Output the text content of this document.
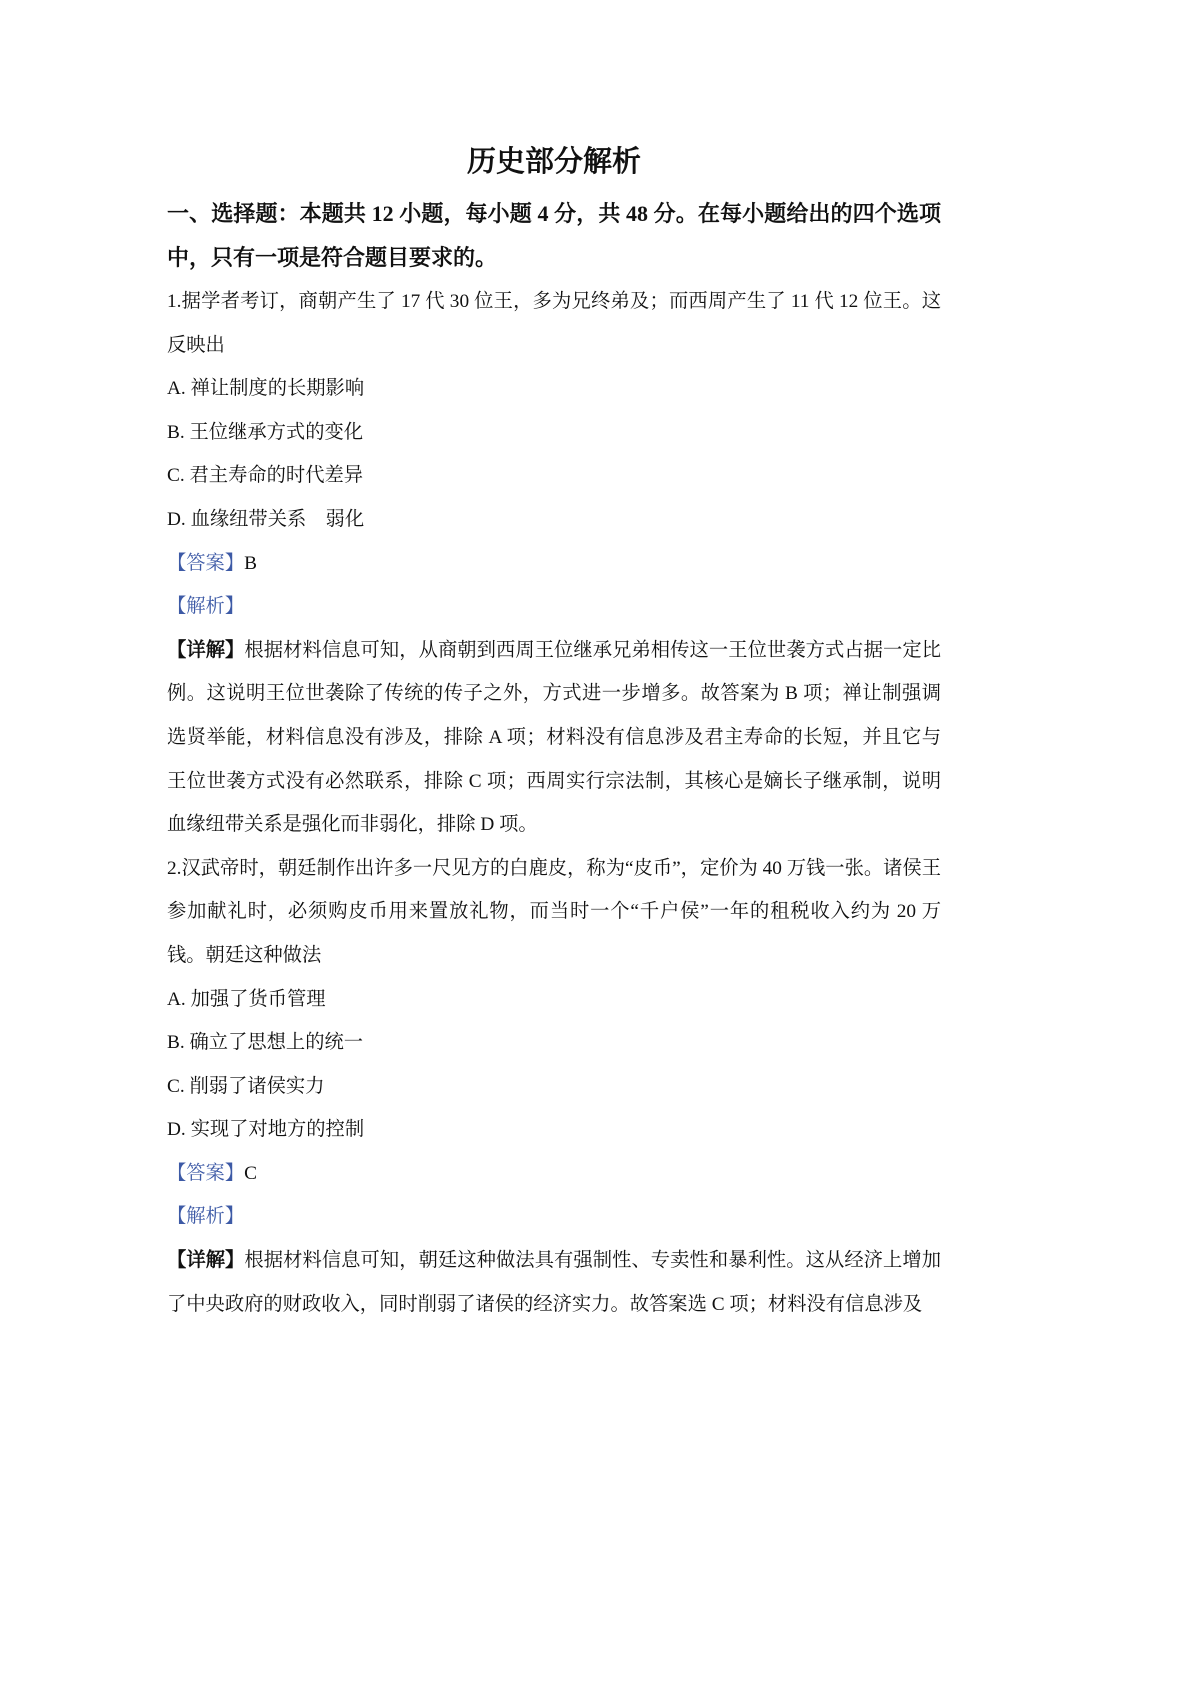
历史部分解析
一、选择题：本题共 12 小题，每小题 4 分，共 48 分。在每小题给出的四个选项中，只有一项是符合题目要求的。

1.据学者考订，商朝产生了 17 代 30 位王，多为兄终弟及；而西周产生了 11 代 12 位王。这反映出

A. 禅让制度的长期影响
B. 王位继承方式的变化
C. 君主寿命的时代差异
D. 血缘纽带关系　弱化
【答案】B
【解析】

【详解】根据材料信息可知，从商朝到西周王位继承兄弟相传这一王位世袭方式占据一定比例。这说明王位世袭除了传统的传子之外，方式进一步增多。故答案为 B 项；禅让制强调选贤举能，材料信息没有涉及，排除 A 项；材料没有信息涉及君主寿命的长短，并且它与王位世袭方式没有必然联系，排除 C 项；西周实行宗法制，其核心是嫡长子继承制，说明血缘纽带关系是强化而非弱化，排除 D 项。

2.汉武帝时，朝廷制作出许多一尺见方的白鹿皮，称为“皮币”，定价为 40 万钱一张。诸侯王参加献礼时，必须购皮币用来置放礼物，而当时一个“千户侯”一年的租税收入约为 20 万钱。朝廷这种做法

A. 加强了货币管理
B. 确立了思想上的统一
C. 削弱了诸侯实力
D. 实现了对地方的控制
【答案】C
【解析】

【详解】根据材料信息可知，朝廷这种做法具有强制性、专卖性和暴利性。这从经济上增加了中央政府的财政收入，同时削弱了诸侯的经济实力。故答案选 C 项；材料没有信息涉及
